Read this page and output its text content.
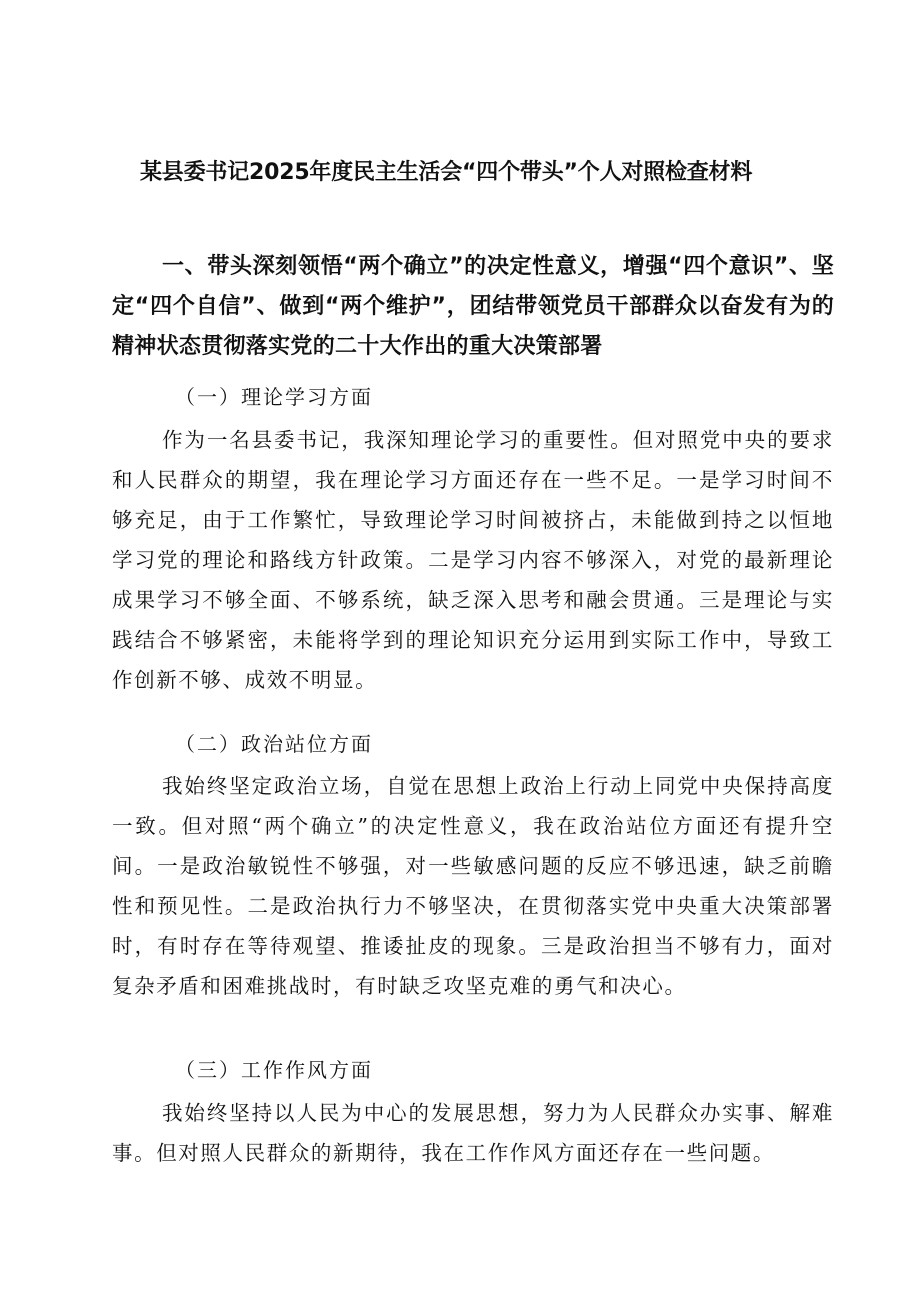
某县委书记2025年度民主生活会“四个带头”个人对照检查材料
一、带头深刻领悟“两个确立”的决定性意义，增强“四个意识”、坚定“四个自信”、做到“两个维护”，团结带领党员干部群众以奋发有为的精神状态贯彻落实党的二十大作出的重大决策部署
（一）理论学习方面
作为一名县委书记，我深知理论学习的重要性。但对照党中央的要求和人民群众的期望，我在理论学习方面还存在一些不足。一是学习时间不够充足，由于工作繁忙，导致理论学习时间被挤占，未能做到持之以恒地学习党的理论和路线方针政策。二是学习内容不够深入，对党的最新理论成果学习不够全面、不够系统，缺乏深入思考和融会贯通。三是理论与实践结合不够紧密，未能将学到的理论知识充分运用到实际工作中，导致工作创新不够、成效不明显。
（二）政治站位方面
我始终坚定政治立场，自觉在思想上政治上行动上同党中央保持高度一致。但对照“两个确立”的决定性意义，我在政治站位方面还有提升空间。一是政治敏锐性不够强，对一些敏感问题的反应不够迅速，缺乏前瞻性和预见性。二是政治执行力不够坚决，在贯彻落实党中央重大决策部署时，有时存在等待观望、推诿扯皮的现象。三是政治担当不够有力，面对复杂矛盾和困难挑战时，有时缺乏攻坚克难的勇气和决心。
（三）工作作风方面
我始终坚持以人民为中心的发展思想，努力为人民群众办实事、解难事。但对照人民群众的新期待，我在工作作风方面还存在一些问题。
